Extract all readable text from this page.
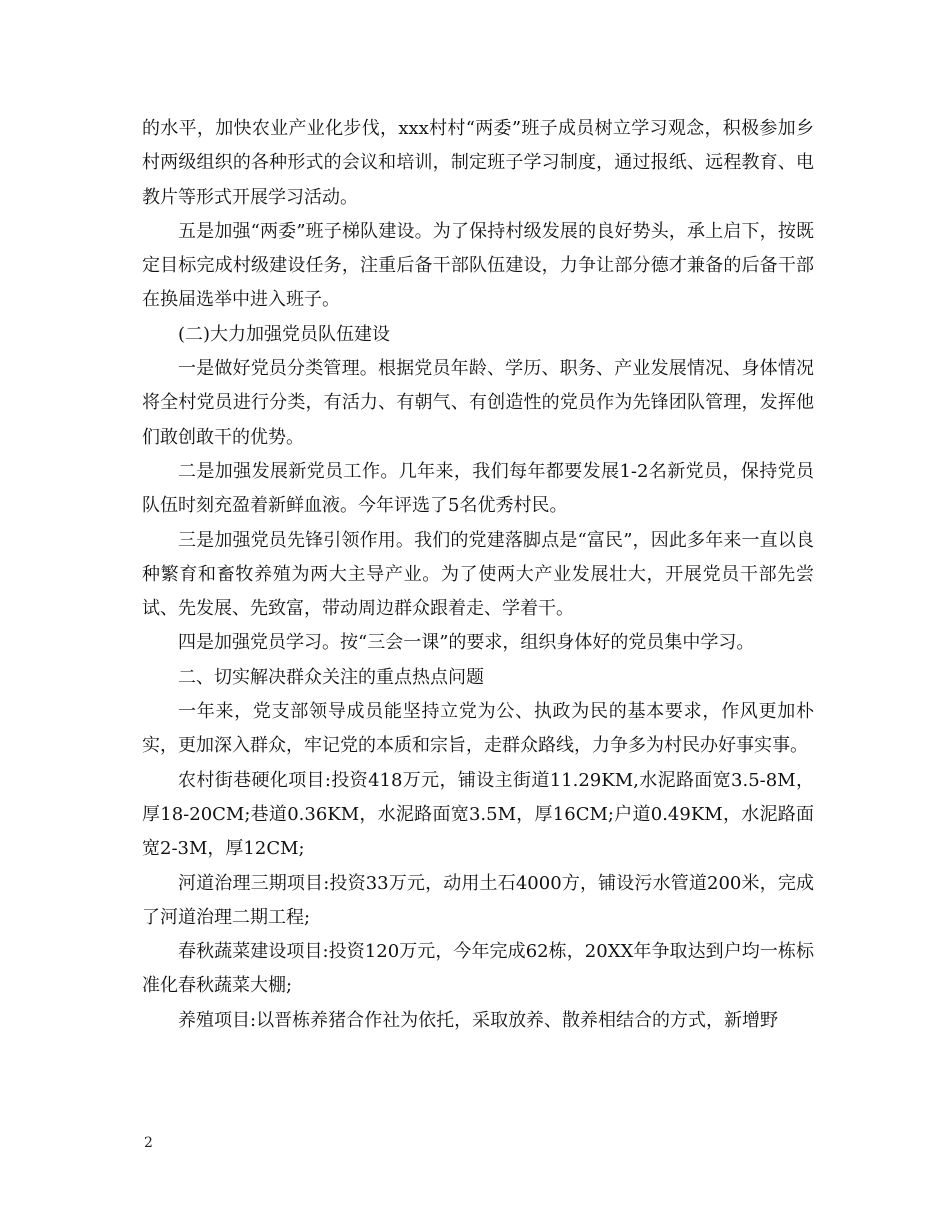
的水平，加快农业产业化步伐，xxx村村“两委”班子成员树立学习观念，积极参加乡村两级组织的各种形式的会议和培训，制定班子学习制度，通过报纸、远程教育、电教片等形式开展学习活动。

五是加强“两委”班子梯队建设。为了保持村级发展的良好势头，承上启下，按既定目标完成村级建设任务，注重后备干部队伍建设，力争让部分德才兼备的后备干部在换届选举中进入班子。

(二)大力加强党员队伍建设

一是做好党员分类管理。根据党员年龄、学历、职务、产业发展情况、身体情况将全村党员进行分类，有活力、有朝气、有创造性的党员作为先锋团队管理，发挥他们敢创敢干的优势。

二是加强发展新党员工作。几年来，我们每年都要发展1-2名新党员，保持党员队伍时刻充盈着新鲜血液。今年评选了5名优秀村民。

三是加强党员先锋引领作用。我们的党建落脚点是“富民”，因此多年来一直以良种繁育和畜牧养殖为两大主导产业。为了使两大产业发展壮大，开展党员干部先尝试、先发展、先致富，带动周边群众跟着走、学着干。

四是加强党员学习。按“三会一课”的要求，组织身体好的党员集中学习。

二、切实解决群众关注的重点热点问题

一年来，党支部领导成员能坚持立党为公、执政为民的基本要求，作风更加朴实，更加深入群众，牢记党的本质和宗旨，走群众路线，力争多为村民办好事实事。

农村街巷硬化项目:投资418万元，铺设主街道11.29KM,水泥路面宽3.5-8M，厚18-20CM;巷道0.36KM，水泥路面宽3.5M，厚16CM;户道0.49KM，水泥路面宽2-3M，厚12CM;

河道治理三期项目:投资33万元，动用土石4000方，铺设污水管道200米，完成了河道治理二期工程;

春秋蔬菜建设项目:投资120万元，今年完成62栋，20XX年争取达到户均一栋标准化春秋蔬菜大棚;

养殖项目:以晋栋养猪合作社为依托，采取放养、散养相结合的方式，新增野

2
